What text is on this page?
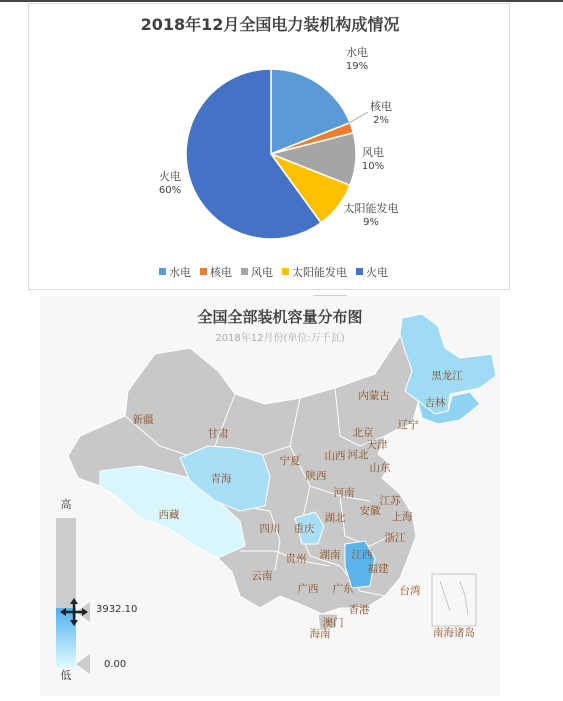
2018年12月全国电力装机构成情况
水电
19%
核电
2%
风电
10%
太阳能发电
9%
火电
60%
水电 核电 风电 太阳能发电 火电
全国全部装机容量分布图
2018年12月份(单位:万千瓦)
黑龙江
内蒙古
吉林
辽宁
北京
天津
河北
新疆
甘肃
宁夏 山西
山东
青海	陕西
河南
江苏
西藏	安徽 上海
湖北
四川 重庆
浙江
贵州 湖南 江西
福建
云南
广西 广东	台湾
香港
澳门
海南	南海诸岛
高
3932.10
0.00
低
